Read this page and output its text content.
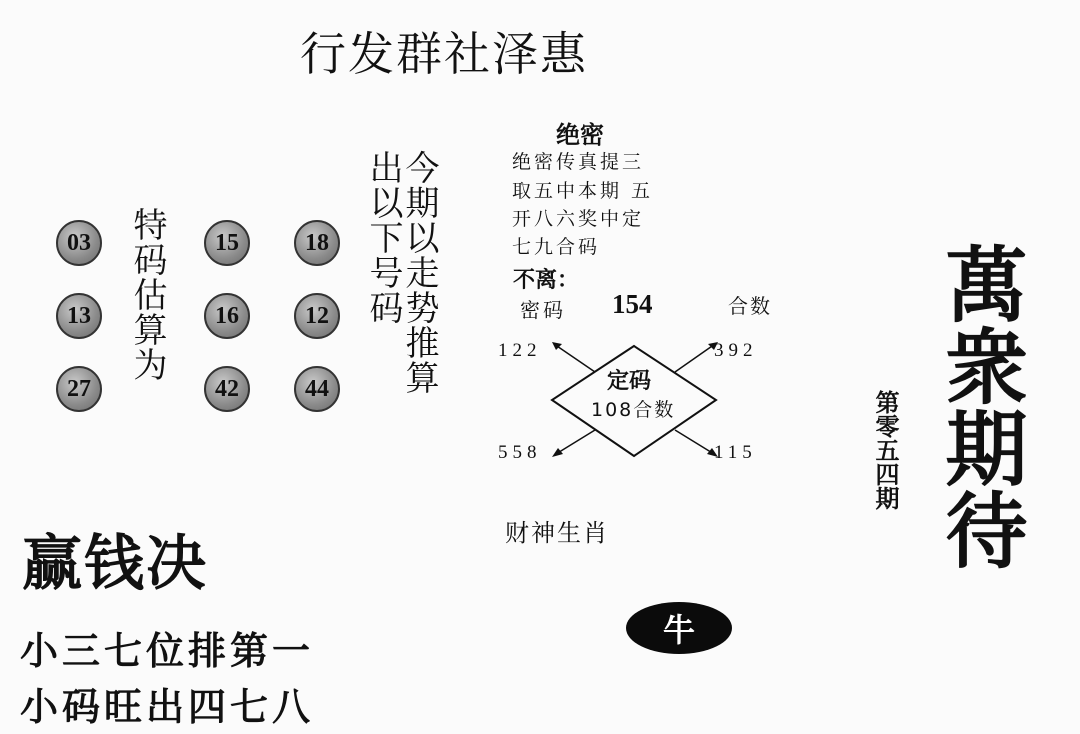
行发群社泽惠
03	15	18
13	16	12
27	42	44
特码估算为	出以下号码
今期以走势推算
绝密
绝密传真提三
取五中本期 五
开八六奖中定
七九合码
不离：
密码 154	合数
定码
108合数
122	392
558	115
财神生肖
牛
赢钱决
小三七位排第一
小码旺出四七八
萬衆期待
第零五四期
